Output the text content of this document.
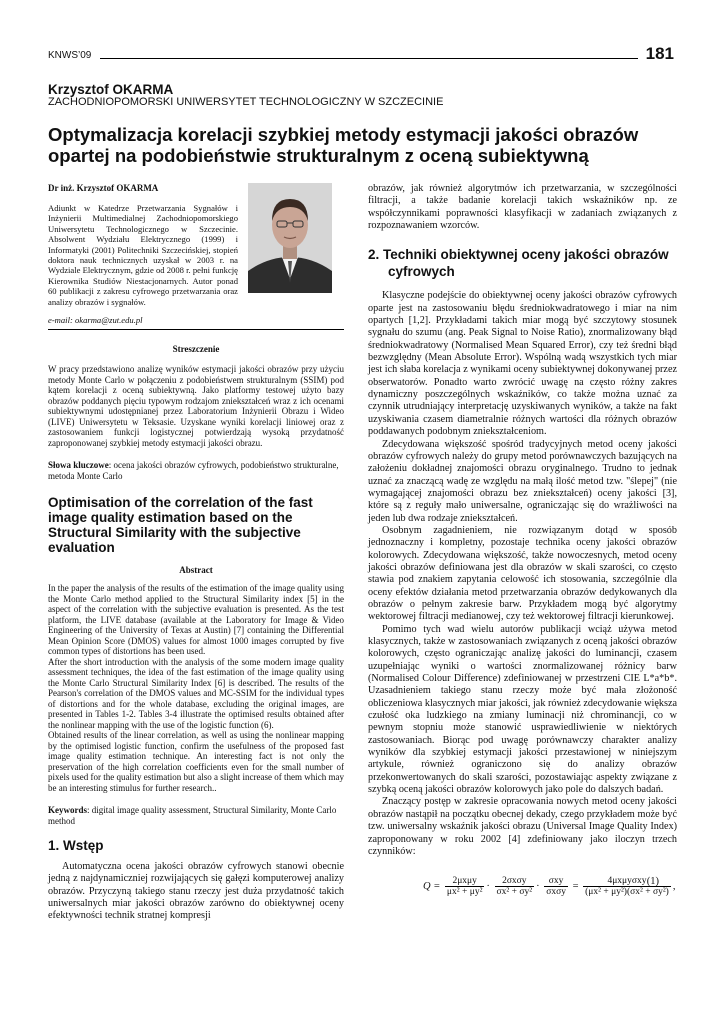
KNWS’09	181
Krzysztof OKARMA
ZACHODNIOPOMORSKI UNIWERSYTET TECHNOLOGICZNY W SZCZECINIE
Optymalizacja korelacji szybkiej metody estymacji jakości obrazów opartej na podobieństwie strukturalnym z oceną subiektywną
Dr inż. Krzysztof OKARMA
Adiunkt w Katedrze Przetwarzania Sygnałów i Inżynierii Multimedialnej Zachodniopomorskiego Uniwersytetu Technologicznego w Szczecinie. Absolwent Wydziału Elektrycznego (1999) i Informatyki (2001) Politechniki Szczecińskiej, stopień doktora nauk technicznych uzyskał w 2003 r. na Wydziale Elektrycznym, gdzie od 2008 r. pełni funkcję Kierownika Studiów Niestacjonarnych. Autor ponad 60 publikacji z zakresu cyfrowego przetwarzania oraz analizy obrazów i sygnałów.
e-mail: okarma@zut.edu.pl
Streszczenie

W pracy przedstawiono analizę wyników estymacji jakości obrazów przy użyciu metody Monte Carlo w połączeniu z podobieństwem strukturalnym (SSIM) pod kątem korelacji z oceną subiektywną. Jako platformy testowej użyto bazy obrazów poddanych pięciu typowym rodzajom zniekształceń wraz z ich ocenami subiektywnymi udostępnianej przez Laboratorium Inżynierii Obrazu i Wideo (LIVE) Uniwersytetu w Teksasie. Uzyskane wyniki korelacji liniowej oraz z zastosowaniem funkcji logistycznej potwierdzają wysoką przydatność zaproponowanej szybkiej metody estymacji jakości obrazu.

Słowa kluczowe: ocena jakości obrazów cyfrowych, podobieństwo strukturalne, metoda Monte Carlo

Optimisation of the correlation of the fast image quality estimation based on the Structural Similarity with the subjective evaluation
Abstract

In the paper the analysis of the results of the estimation of the image quality using the Monte Carlo method applied to the Structural Similarity index [5] in the aspect of the correlation with the subjective evaluation is presented. As the test platform, the LIVE database (available at the Laboratory for Image & Video Engineering of the University of Texas at Austin) [7] containing the Differential Mean Opinion Score (DMOS) values for almost 1000 images corrupted by five common types of distortions has been used.

After the short introduction with the analysis of the some modern image quality assessment techniques, the idea of the fast estimation of the image quality using the Monte Carlo Structural Similarity Index [6] is described. The results of the Pearson's correlation of the DMOS values and MC-SSIM for the individual types of distortions and for the whole database, excluding the original images, are presented in Tables 1-2. Tables 3-4 illustrate the optimised results obtained after the nonlinear mapping with the use of the logistic function (6).

Obtained results of the linear correlation, as well as using the nonlinear mapping by the optimised logistic function, confirm the usefulness of the proposed fast image quality estimation technique. An interesting fact is not only the preservation of the high correlation coefficients even for the small number of pixels used for the quality estimation but also a slight increase of them which may be an interesting stimulus for further research..

Keywords: digital image quality assessment, Structural Similarity, Monte Carlo method

1. Wstęp

Automatyczna ocena jakości obrazów cyfrowych stanowi obecnie jedną z najdynamiczniej rozwijających się gałęzi komputerowej analizy obrazów. Przyczyną takiego stanu rzeczy jest duża przydatność takich uniwersalnych miar jakości obrazów zarówno do obiektywnej oceny efektywności technik stratnej kompresji

obrazów, jak również algorytmów ich przetwarzania, w szczególności filtracji, a także badanie korelacji takich wskaźników np. ze współczynnikami poprawności klasyfikacji w zadaniach związanych z rozpoznawaniem wzorców.

2. Techniki obiektywnej oceny jakości obrazów cyfrowych

Klasyczne podejście do obiektywnej oceny jakości obrazów cyfrowych oparte jest na zastosowaniu błędu średniokwadratowego i miar na nim opartych [1,2]. Przykładami takich miar mogą być szczytowy stosunek sygnału do szumu (ang. Peak Signal to Noise Ratio), znormalizowany błąd średniokwadratowy (Normalised Mean Squared Error), czy też średni błąd bezwzględny (Mean Absolute Error). Wspólną wadą wszystkich tych miar jest ich słaba korelacja z wynikami oceny subiektywnej dokonywanej przez obserwatorów. Ponadto warto zwrócić uwagę na często różny zakres dynamiczny poszczególnych wskaźników, co także można uznać za czynnik utrudniający interpretację uzyskiwanych wyników, a także na fakt uzyskiwania czasem diametralnie różnych wartości dla różnych obrazów poddawanych podobnym zniekształceniom.

Zdecydowana większość spośród tradycyjnych metod oceny jakości obrazów cyfrowych należy do grupy metod porównawczych bazujących na założeniu dokładnej znajomości obrazu oryginalnego. Trudno to jednak uznać za znaczącą wadę ze względu na małą ilość metod tzw. "ślepej" (nie wymagającej znajomości obrazu bez zniekształceń) oceny jakości [3], które są z reguły mało uniwersalne, ograniczając się do wrażliwości na jeden lub dwa rodzaje zniekształceń.

Osobnym zagadnieniem, nie rozwiązanym dotąd w sposób jednoznaczny i kompletny, pozostaje technika oceny jakości obrazów kolorowych. Zdecydowana większość, także nowoczesnych, metod oceny jakości obrazów definiowana jest dla obrazów w skali szarości, co często stawia pod znakiem zapytania celowość ich stosowania, szczególnie dla oceny efektów działania metod przetwarzania obrazów dedykowanych dla obrazów o pełnym zakresie barw. Przykładem mogą być algorytmy wektorowej filtracji medianowej, czy też wektorowej filtracji kierunkowej.

Pomimo tych wad wielu autorów publikacji wciąż używa metod klasycznych, także w zastosowaniach związanych z oceną jakości obrazów kolorowych, często ograniczając analizę jakości do luminancji, czasem uzupełniając wyniki o wartości znormalizowanej różnicy barw (Normalised Colour Difference) zdefiniowanej w przestrzeni CIE L*a*b*. Uzasadnieniem takiego stanu rzeczy może być mała złożoność obliczeniowa klasycznych miar jakości, jak również zdecydowanie większa czułość oka ludzkiego na zmiany luminacji niż chrominancji, co w pewnym stopniu może stanowić usprawiedliwienie w niektórych zastosowaniach. Biorąc pod uwagę porównawczy charakter analizy wyników dla szybkiej estymacji jakości przestawionej w niniejszym artykule, również ograniczono się do analizy obrazów przekonwertowanych do skali szarości, pozostawiając aspekty związane z szybką oceną jakości obrazów kolorowych jako pole do dalszych badań.

Znaczący postęp w zakresie opracowania nowych metod oceny jakości obrazów nastąpił na początku obecnej dekady, czego przykładem może być tzw. uniwersalny wskaźnik jakości obrazu (Universal Image Quality Index) zaproponowany w roku 2002 [4] zdefiniowany jako iloczyn trzech czynników:

$Q = \frac{\text{2μxμy}}{\text{μx² + μy²}} \cdot \frac{\text{2σxσy}}{\text{σx² + σy²}} \cdot \frac{\text{σxy}}{\text{σxσy}} = \frac{\text{4μxμyσxy}}{\text{(μx² + μy²)(σx² + σy²)}}$ ,
(1)
